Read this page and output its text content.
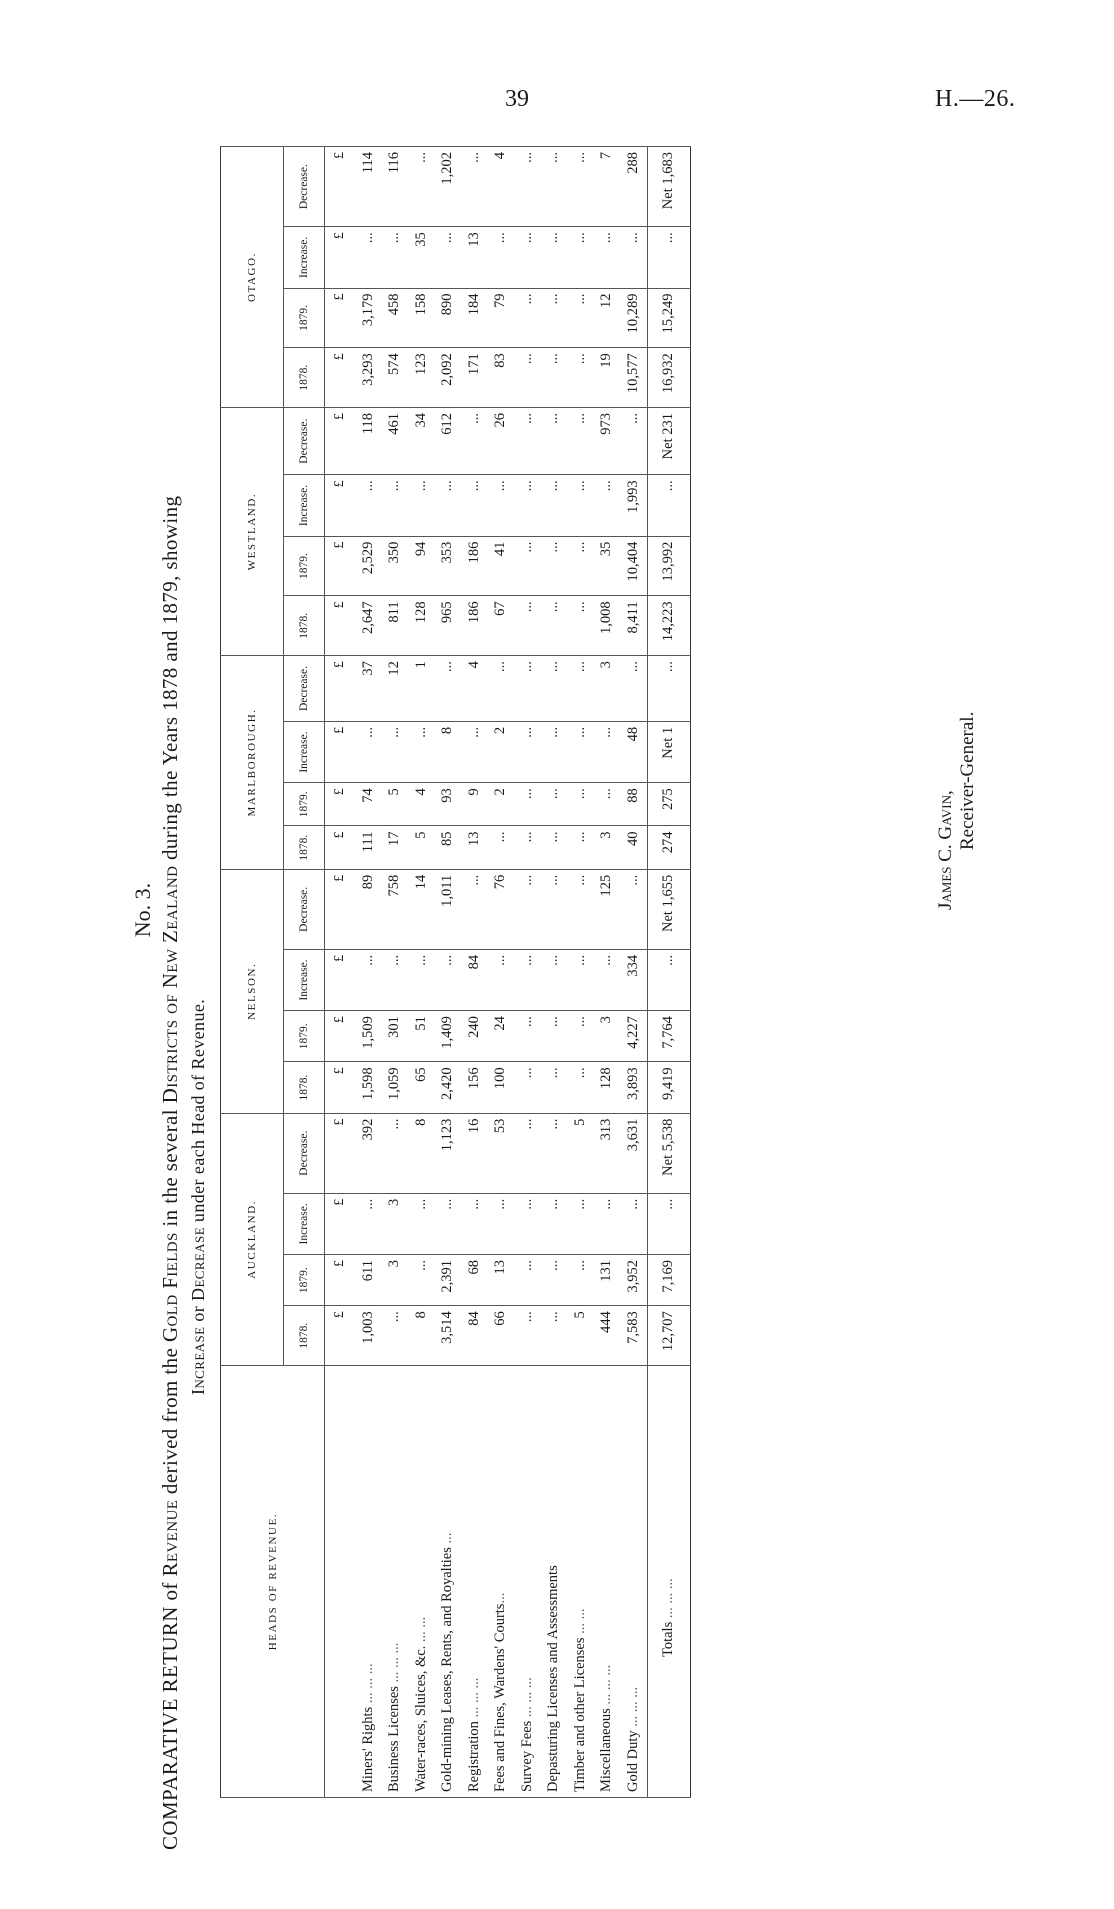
39	H.—26.
No. 3.
COMPARATIVE RETURN of Revenue derived from the Gold Fields in the several Districts of New Zealand during the Years 1878 and 1879, showing
Increase or Decrease under each Head of Revenue.
HEADS OF REVENUE.	AUCKLAND.				NELSON.				MARLBOROUGH.				WESTLAND.				OTAGO.			
	1878.	1879.	Increase.	Decrease.	1878.	1879.	Increase.	Decrease.	1878.	1879.	Increase.	Decrease.	1878.	1879.	Increase.	Decrease.	1878.	1879.	Increase.	Decrease.
	£	£	£	£	£	£	£	£	£	£	£	£	£	£	£	£	£	£	£	£
Miners' Rights ... ... ...	1,003	611	...	392	1,598	1,509	...	89	111	74	...	37	2,647	2,529	...	118	3,293	3,179	...	114
Business Licenses ... ... ...	...	3	3	...	1,059	301	...	758	17	5	...	12	811	350	...	461	574	458	...	116
Water-races, Sluices, &c. ... ...	8	...	...	8	65	51	...	14	5	4	...	1	128	94	...	34	123	158	35	...
Gold-mining Leases, Rents, and Royalties ...	3,514	2,391	...	1,123	2,420	1,409	...	1,011	85	93	8	...	965	353	...	612	2,092	890	...	1,202
Registration ... ... ...	84	68	...	16	156	240	84	...	13	9	...	4	186	186	...	...	171	184	13	...
Fees and Fines, Wardens' Courts...	66	13	...	53	100	24	...	76	...	2	2	...	67	41	...	26	83	79	...	4
Survey Fees ... ... ...	...	...	...	...	...	...	...	...	...	...	...	...	...	...	...	...	...	...	...	...
Depasturing Licenses and Assessments	...	...	...	...	...	...	...	...	...	...	...	...	...	...	...	...	...	...	...	...
Timber and other Licenses ... ...	5	...	...	5	...	...	...	...	...	...	...	...	...	...	...	...	...	...	...	...
Miscellaneous ... ... ...	444	131	...	313	128	3	...	125	3	...	...	3	1,008	35	...	973	19	12	...	7
Gold Duty ... ... ...	7,583	3,952	...	3,631	3,893	4,227	334	...	40	88	48	...	8,411	10,404	1,993	...	10,577	10,289	...	288
Totals ... ... ...	12,707	7,169	...	Net 5,538	9,419	7,764	...	Net 1,655	274	275	Net 1	...	14,223	13,992	...	Net 231	16,932	15,249	...	Net 1,683
James C. Gavin,
Receiver-General.
